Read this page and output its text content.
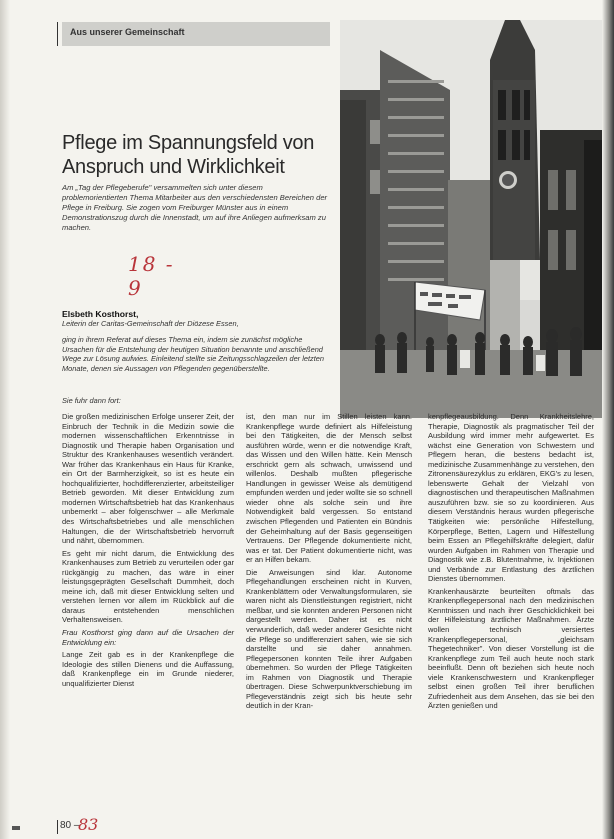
Aus unserer Gemeinschaft
Pflege im Spannungsfeld von
Anspruch und Wirklichkeit
Am „Tag der Pflegeberufe" versammelten sich unter diesem problemorientierten Thema Mitarbeiter aus den verschiedensten Bereichen der Pflege in Freiburg. Sie zogen vom Freiburger Münster aus in einem Demonstrationszug durch die Innenstadt, um auf ihre Anliegen aufmerksam zu machen.
18 - 9
Elsbeth Kosthorst,
Leiterin der Caritas-Gemeinschaft der Diözese Essen,
ging in ihrem Referat auf dieses Thema ein, indem sie zunächst mögliche Ursachen für die Entstehung der heutigen Situation benannte und anschließend Wege zur Lösung aufwies. Einleitend stellte sie Zeitungsschlagzeilen der letzten Monate, denen sie Aussagen von Pflegenden gegenüberstellte.
Sie fuhr dann fort:

Die großen medizinischen Erfolge unserer Zeit, der Einbruch der Technik in die Medizin sowie die modernen wissenschaftlichen Erkenntnisse in Diagnostik und Therapie haben Organisation und Struktur des Krankenhauses wesentlich verändert. War früher das Krankenhaus ein Haus für Kranke, ein Ort der Barmherzigkeit, so ist es heute ein hochqualifizierter, hochdifferenzierter, arbeitsteiliger Betrieb geworden. Mit dieser Entwicklung zum modernen Wirtschaftsbetrieb hat das Krankenhaus unbemerkt – aber folgenschwer – alle Merkmale des Wirtschaftsbetriebes und alle menschlichen Haltungen, die der Wirtschaftsbetrieb hervorruft und nährt, übernommen.

Es geht mir nicht darum, die Entwicklung des Krankenhauses zum Betrieb zu verurteilen oder gar rückgängig zu machen, das wäre in einer leistungsgeprägten Gesellschaft Dummheit, doch meine ich, daß mit dieser Entwicklung selten und verstehen lernen vor allem im Rückblick auf die daraus entstehenden menschlichen Verhaltensweisen.

Frau Kosthorst ging dann auf die Ursachen der Entwicklung ein:

Lange Zeit gab es in der Krankenpflege die Ideologie des stillen Dienens und die Auffassung, daß Krankenpflege ein im Grunde niederer, unqualifizierter Dienst

ist, den man nur im Stillen leisten kann. Krankenpflege wurde definiert als Hilfeleistung bei den Tätigkeiten, die der Mensch selbst ausführen würde, wenn er die notwendige Kraft, das Wissen und den Willen hätte. Kein Mensch erschrickt gern als schwach, unwissend und willenlos. Deshalb mußten pflegerische Handlungen in gewisser Weise als demütigend empfunden werden und jeder wollte sie so schnell wieder ohne als solche sein und ihre Notwendigkeit bald vergessen. So entstand zwischen Pflegenden und Patienten ein Bündnis der Geheimhaltung auf der Basis gegenseitigen Vertrauens. Der Pflegende dokumentierte nicht, was er tat. Der Patient dokumentierte nicht, was er an Hilfen bekam.

Die Anweisungen sind klar. Autonome Pflegehandlungen erscheinen nicht in Kurven, Krankenblättern oder Verwaltungsformularen, sie waren nicht als Dienstleistungen registriert, nicht meßbar, und sie konnten anderen Personen nicht dargestellt werden. Daher ist es nicht verwunderlich, daß weder anderer Gesichte nicht die Pflege so undifferenziert sahen, wie sie sich darstellte und sie daher annahmen. Pflegepersonen konnten Teile ihrer Aufgaben übernehmen. So wurden der Pflege Tätigkeiten im Rahmen von Diagnostik und Therapie übertragen. Diese Schwerpunktverschiebung im Pflegeverständnis zeigt sich bis heute sehr deutlich in der Kran-

kenpflegeausbildung. Denn Krankheitslehre, Therapie, Diagnostik als pragmatischer Teil der Ausbildung wird immer mehr aufgewertet. Es wächst eine Generation von Schwestern und Pflegern heran, die bestens bedacht ist, medizinische Zusammenhänge zu verstehen, den Zitronensäurezyklus zu erklären, EKG's zu lesen, lebenswerte Gehalt der Vielzahl von diagnostischen und therapeutischen Maßnahmen auszuführen bzw. sie so zu koordinieren. Aus diesem Verständnis heraus wurden pflegerische Tätigkeiten wie: persönliche Hilfestellung, Körperpflege, Betten, Lagern und Hilfestellung beim Essen an Pflegehilfskräfte delegiert, dafür wurden Aufgaben im Rahmen von Therapie und Diagnostik wie z.B. Blutentnahme, iv. Injektionen und Verbände zur Entlastung des ärztlichen Dienstes übernommen.

Krankenhausärzte beurteilten oftmals das Krankenpflegepersonal nach den medizinischen Kenntnissen und nach ihrer Geschicklichkeit bei der Hilfeleistung ärztlicher Maßnahmen. Ärzte wollen technisch versiertes Krankenpflegepersonal, „gleichsam Thegetechniker". Von dieser Vorstellung ist die Krankenpflege zum Teil auch heute noch stark beeinflußt. Denn oft beziehen sich heute noch viele Krankenschwestern und Krankenpfleger selbst einen großen Teil ihrer beruflichen Zufriedenheit aus dem Ansehen, das sie bei den Ärzten genießen und

80 –
83
